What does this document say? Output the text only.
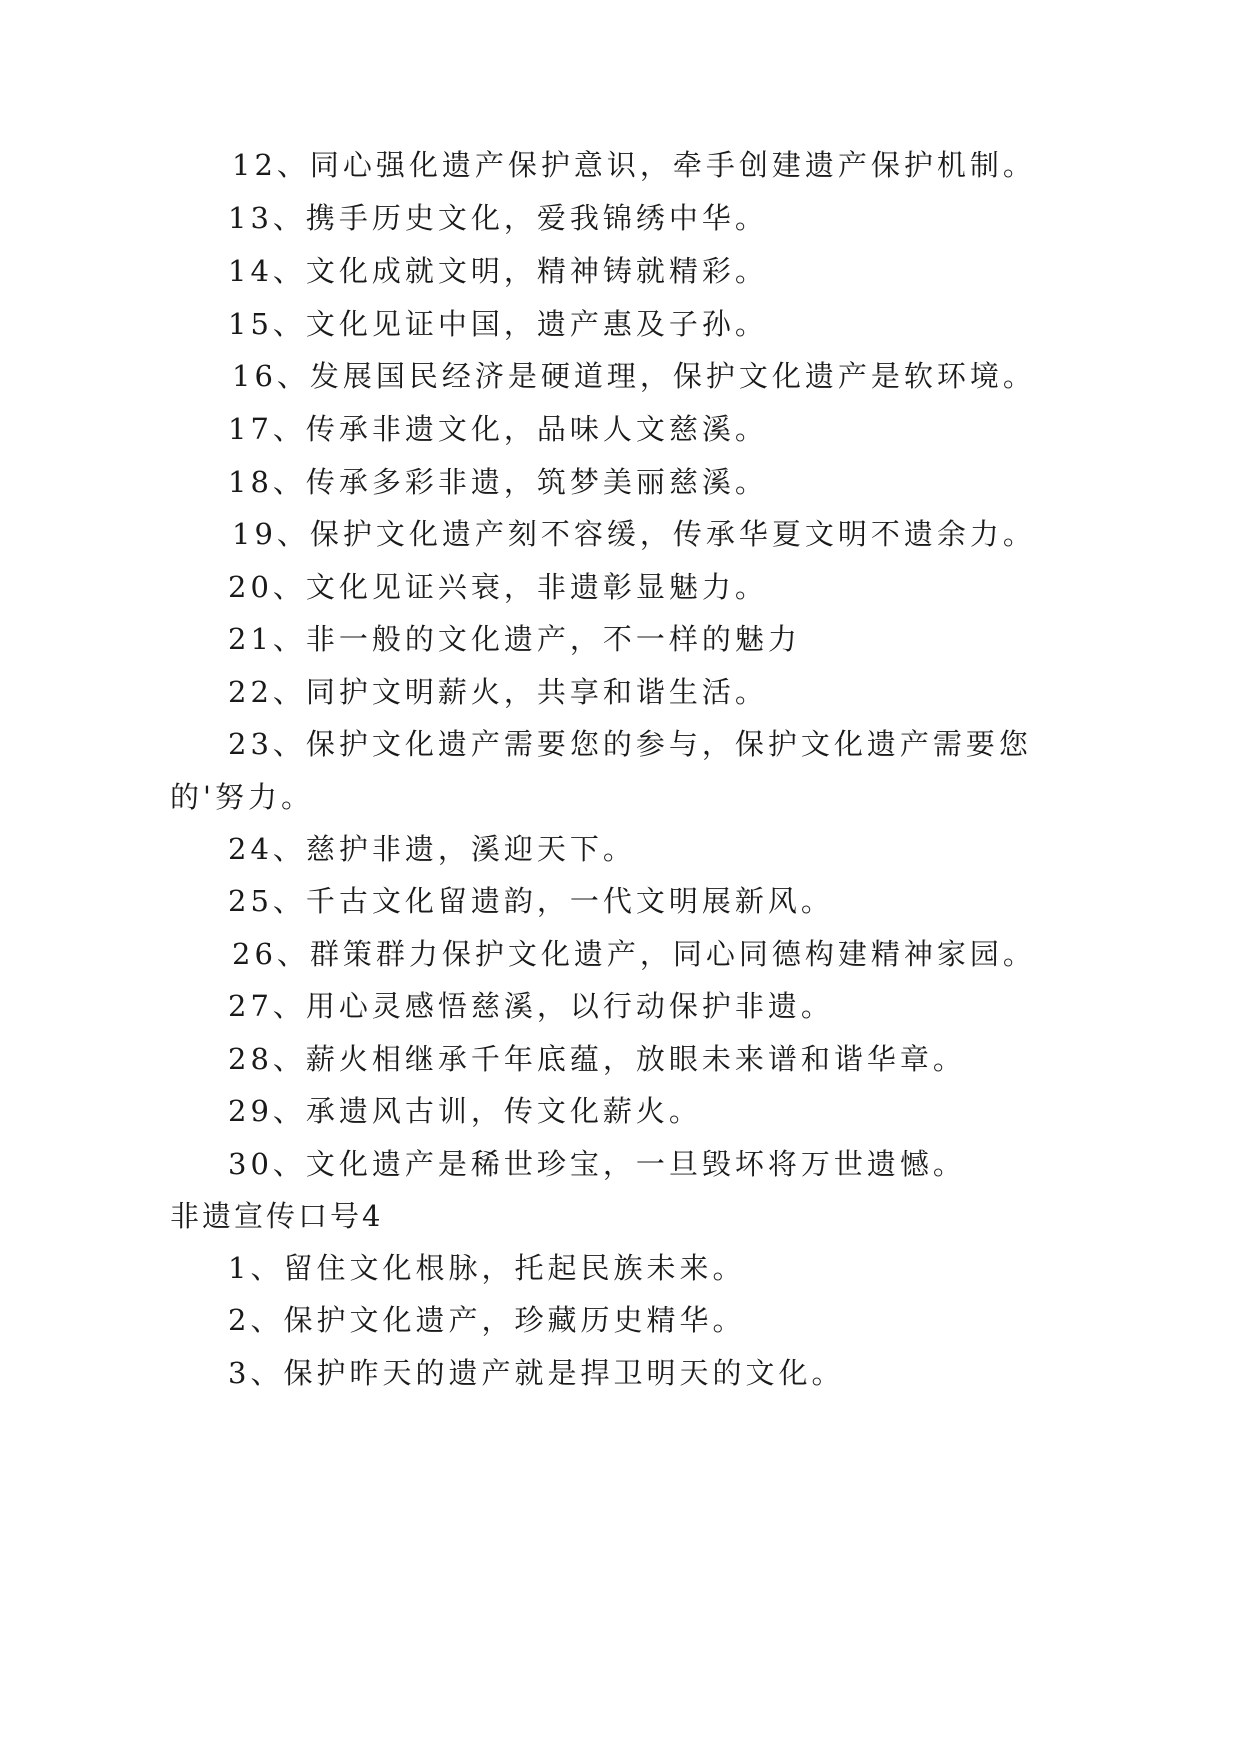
12、同心强化遗产保护意识，牵手创建遗产保护机制。
13、携手历史文化，爱我锦绣中华。
14、文化成就文明，精神铸就精彩。
15、文化见证中国，遗产惠及子孙。
16、发展国民经济是硬道理，保护文化遗产是软环境。
17、传承非遗文化，品味人文慈溪。
18、传承多彩非遗，筑梦美丽慈溪。
19、保护文化遗产刻不容缓，传承华夏文明不遗余力。
20、文化见证兴衰，非遗彰显魅力。
21、非一般的文化遗产，不一样的魅力
22、同护文明薪火，共享和谐生活。
23、保护文化遗产需要您的参与，保护文化遗产需要您
的'努力。
24、慈护非遗，溪迎天下。
25、千古文化留遗韵，一代文明展新风。
26、群策群力保护文化遗产，同心同德构建精神家园。
27、用心灵感悟慈溪，以行动保护非遗。
28、薪火相继承千年底蕴，放眼未来谱和谐华章。
29、承遗风古训，传文化薪火。
30、文化遗产是稀世珍宝，一旦毁坏将万世遗憾。
非遗宣传口号4
1、留住文化根脉，托起民族未来。
2、保护文化遗产，珍藏历史精华。
3、保护昨天的遗产就是捍卫明天的文化。
